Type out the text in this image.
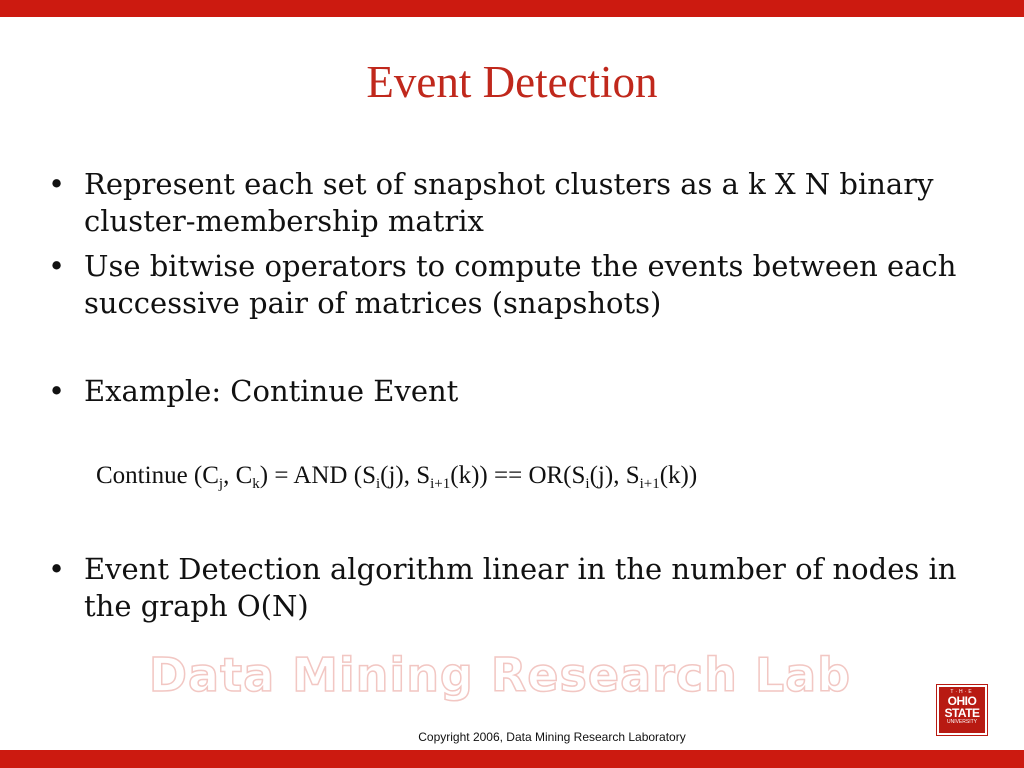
Event Detection
• Represent each set of snapshot clusters as a k X N binary cluster-membership matrix
• Use bitwise operators to compute the events between each successive pair of matrices (snapshots)
• Example: Continue Event
Continue ($C_j$, $C_k$) = AND ($S_i(j)$, $S_{i+1}(k)) == OR(S_i(j)$, $S_{i+1}(k)$)
• Event Detection algorithm linear in the number of nodes in the graph O(N)
Data Mining Research Lab	T·H·E
OHIO
STATE
UNIVERSITY
Copyright 2006, Data Mining Research Laboratory
